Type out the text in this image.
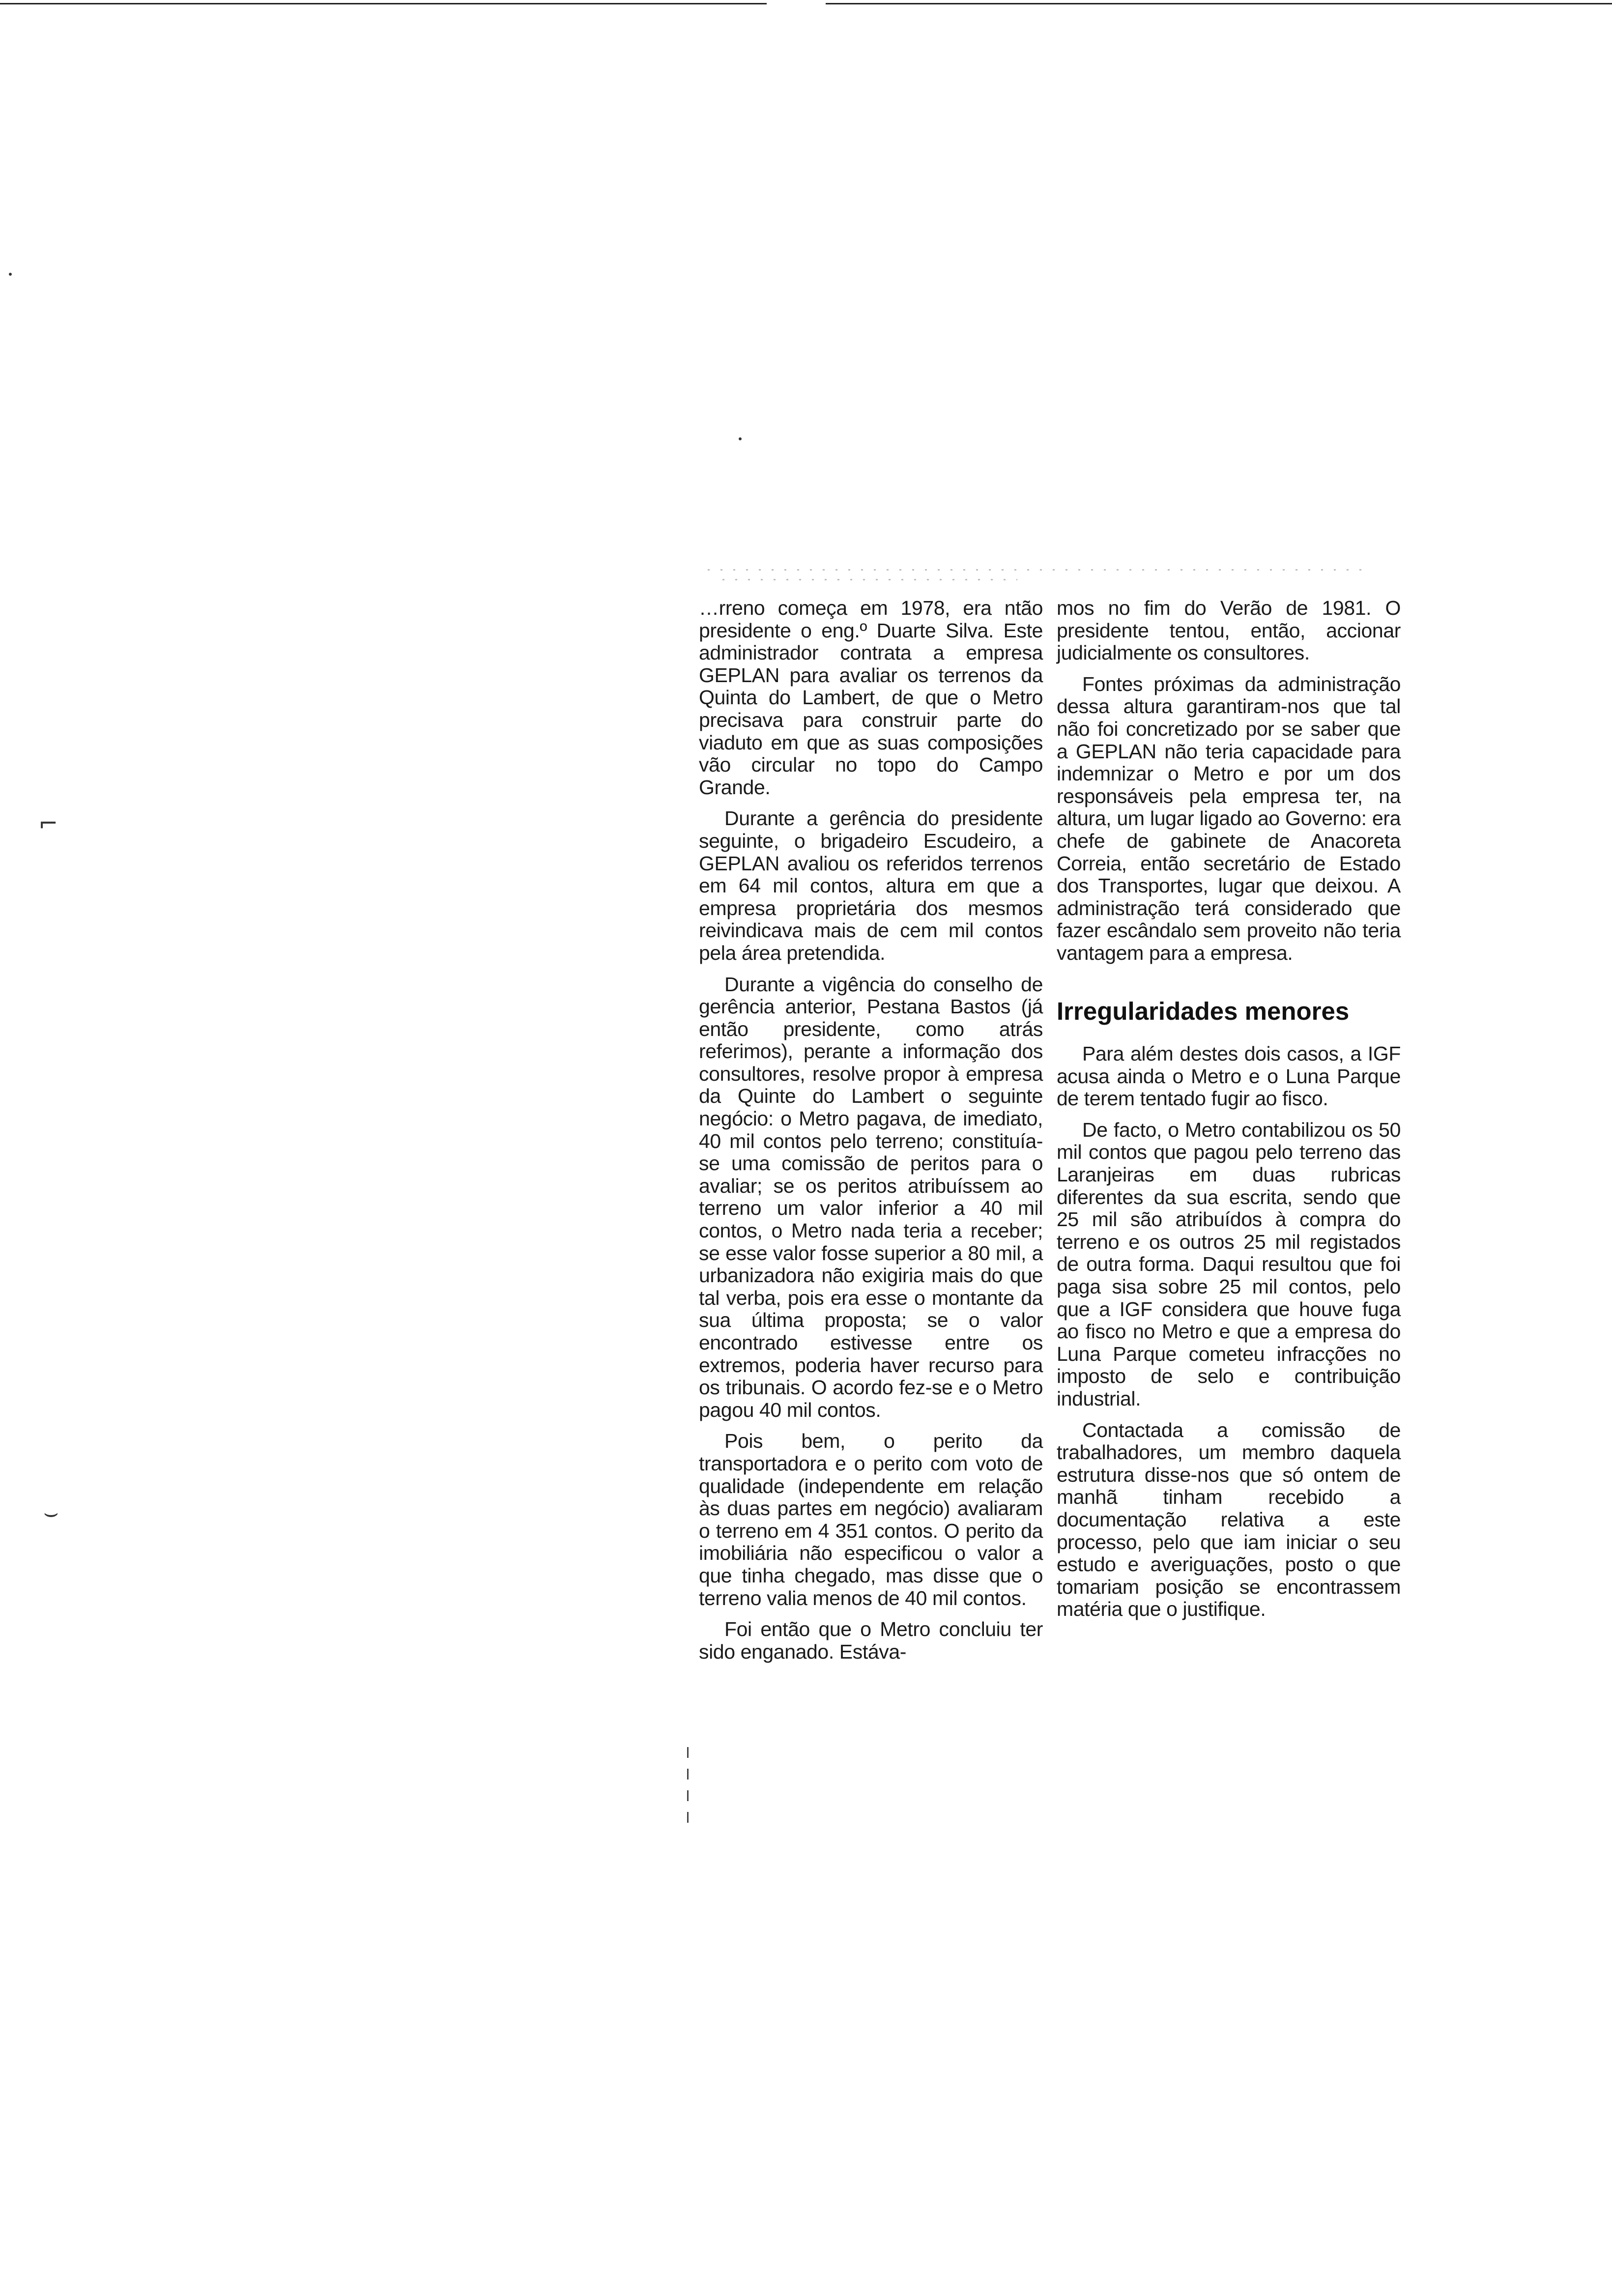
⌐
⌣

…rreno começa em 1978, era ntão presidente o eng.º Duarte Silva. Este administrador contrata a empresa GEPLAN para avaliar os terrenos da Quinta do Lambert, de que o Metro precisava para construir parte do viaduto em que as suas composições vão circular no topo do Campo Grande.

Durante a gerência do presidente seguinte, o brigadeiro Escudeiro, a GEPLAN avaliou os referidos terrenos em 64 mil contos, altura em que a empresa proprietária dos mesmos reivindicava mais de cem mil contos pela área pretendida.

Durante a vigência do conselho de gerência anterior, Pestana Bastos (já então presidente, como atrás referimos), perante a informação dos consultores, resolve propor à empresa da Quinte do Lambert o seguinte negócio: o Metro pagava, de imediato, 40 mil contos pelo terreno; constituía-se uma comissão de peritos para o avaliar; se os peritos atribuíssem ao terreno um valor inferior a 40 mil contos, o Metro nada teria a receber; se esse valor fosse superior a 80 mil, a urbanizadora não exigiria mais do que tal verba, pois era esse o montante da sua última proposta; se o valor encontrado estivesse entre os extremos, poderia haver recurso para os tribunais. O acordo fez-se e o Metro pagou 40 mil contos.

Pois bem, o perito da transportadora e o perito com voto de qualidade (independente em relação às duas partes em negócio) avaliaram o terreno em 4 351 contos. O perito da imobiliária não especificou o valor a que tinha chegado, mas disse que o terreno valia menos de 40 mil contos.

Foi então que o Metro concluiu ter sido enganado. Estáva-

mos no fim do Verão de 1981. O presidente tentou, então, accionar judicialmente os consultores.

Fontes próximas da administração dessa altura garantiram-nos que tal não foi concretizado por se saber que a GEPLAN não teria capacidade para indemnizar o Metro e por um dos responsáveis pela empresa ter, na altura, um lugar ligado ao Governo: era chefe de gabinete de Anacoreta Correia, então secretário de Estado dos Transportes, lugar que deixou. A administração terá considerado que fazer escândalo sem proveito não teria vantagem para a empresa.

Irregularidades menores

Para além destes dois casos, a IGF acusa ainda o Metro e o Luna Parque de terem tentado fugir ao fisco.

De facto, o Metro contabilizou os 50 mil contos que pagou pelo terreno das Laranjeiras em duas rubricas diferentes da sua escrita, sendo que 25 mil são atribuídos à compra do terreno e os outros 25 mil registados de outra forma. Daqui resultou que foi paga sisa sobre 25 mil contos, pelo que a IGF considera que houve fuga ao fisco no Metro e que a empresa do Luna Parque cometeu infracções no imposto de selo e contribuição industrial.

Contactada a comissão de trabalhadores, um membro daquela estrutura disse-nos que só ontem de manhã tinham recebido a documentação relativa a este processo, pelo que iam iniciar o seu estudo e averiguações, posto o que tomariam posição se encontrassem matéria que o justifique.
